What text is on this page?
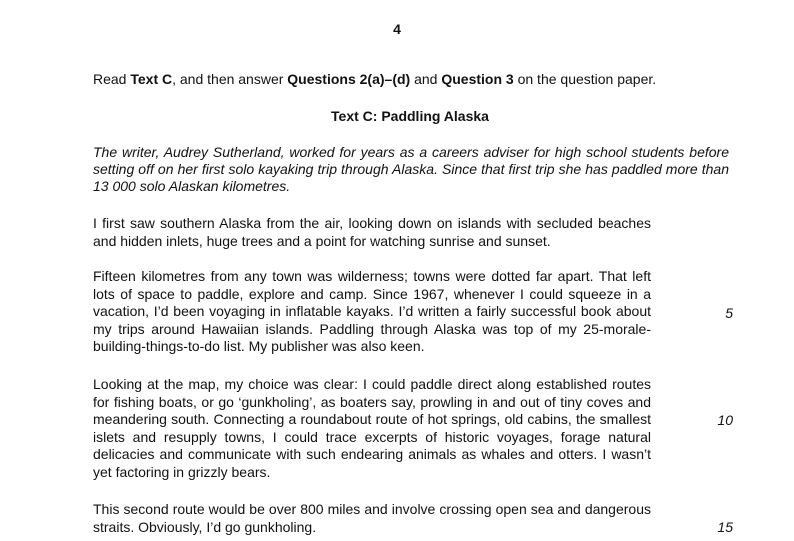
4
Read Text C, and then answer Questions 2(a)–(d) and Question 3 on the question paper.
Text C: Paddling Alaska
The writer, Audrey Sutherland, worked for years as a careers adviser for high school students before setting off on her first solo kayaking trip through Alaska. Since that first trip she has paddled more than 13 000 solo Alaskan kilometres.
I first saw southern Alaska from the air, looking down on islands with secluded beaches and hidden inlets, huge trees and a point for watching sunrise and sunset.
Fifteen kilometres from any town was wilderness; towns were dotted far apart. That left lots of space to paddle, explore and camp. Since 1967, whenever I could squeeze in a vacation, I’d been voyaging in inflatable kayaks. I’d written a fairly successful book about my trips around Hawaiian islands. Paddling through Alaska was top of my 25-morale-building-things-to-do list. My publisher was also keen.
Looking at the map, my choice was clear: I could paddle direct along established routes for fishing boats, or go ‘gunkholing’, as boaters say, prowling in and out of tiny coves and meandering south. Connecting a roundabout route of hot springs, old cabins, the smallest islets and resupply towns, I could trace excerpts of historic voyages, forage natural delicacies and communicate with such endearing animals as whales and otters. I wasn’t yet factoring in grizzly bears.
This second route would be over 800 miles and involve crossing open sea and dangerous straits. Obviously, I’d go gunkholing.
5
10
15
